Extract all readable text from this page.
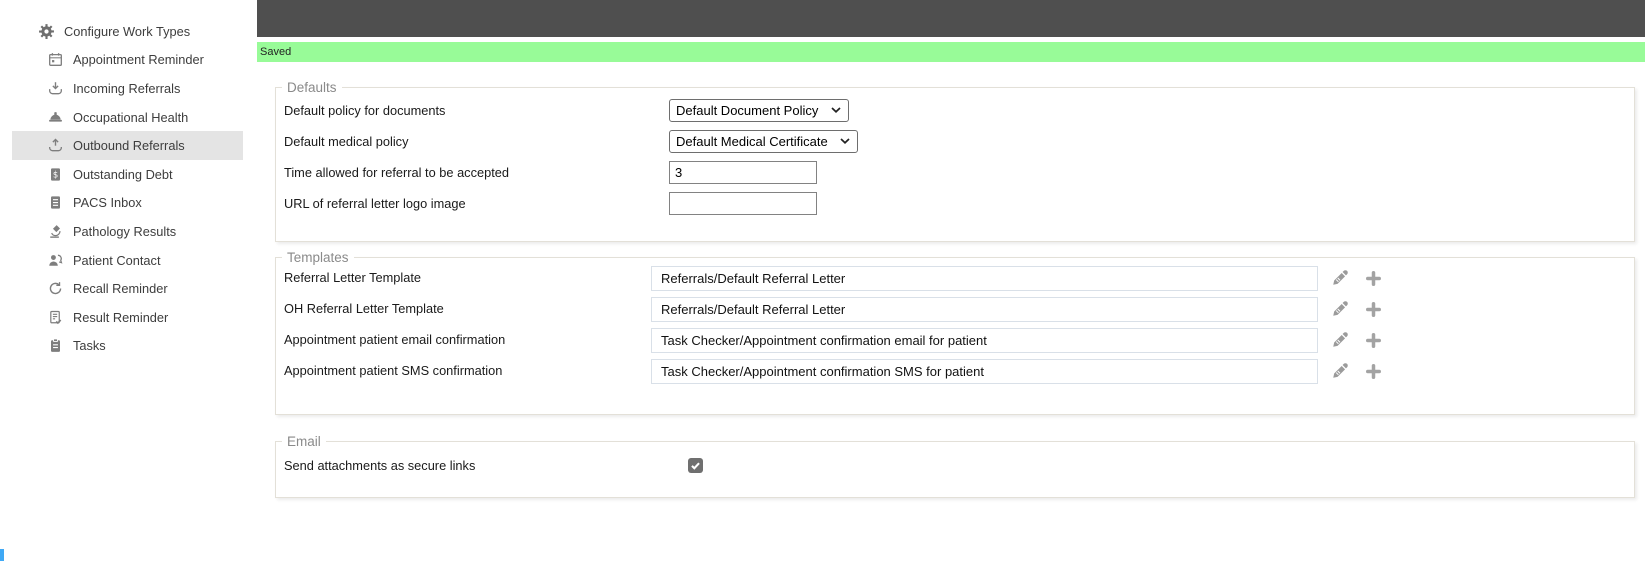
Saved
Configure Work Types
Appointment Reminder
Incoming Referrals
Occupational Health
Outbound Referrals
$ Outstanding Debt
PACS Inbox
Pathology Results
Patient Contact
Recall Reminder
Result Reminder
Tasks
Defaults
Default policy for documents	Default Document Policy
Default medical policy	Default Medical Certificate
Time allowed for referral to be accepted
3
URL of referral letter logo image
Templates
Referral Letter Template
Referrals/Default Referral Letter
OH Referral Letter Template
Referrals/Default Referral Letter
Appointment patient email confirmation
Task Checker/Appointment confirmation email for patient
Appointment patient SMS confirmation
Task Checker/Appointment confirmation SMS for patient
Email
Send attachments as secure links
